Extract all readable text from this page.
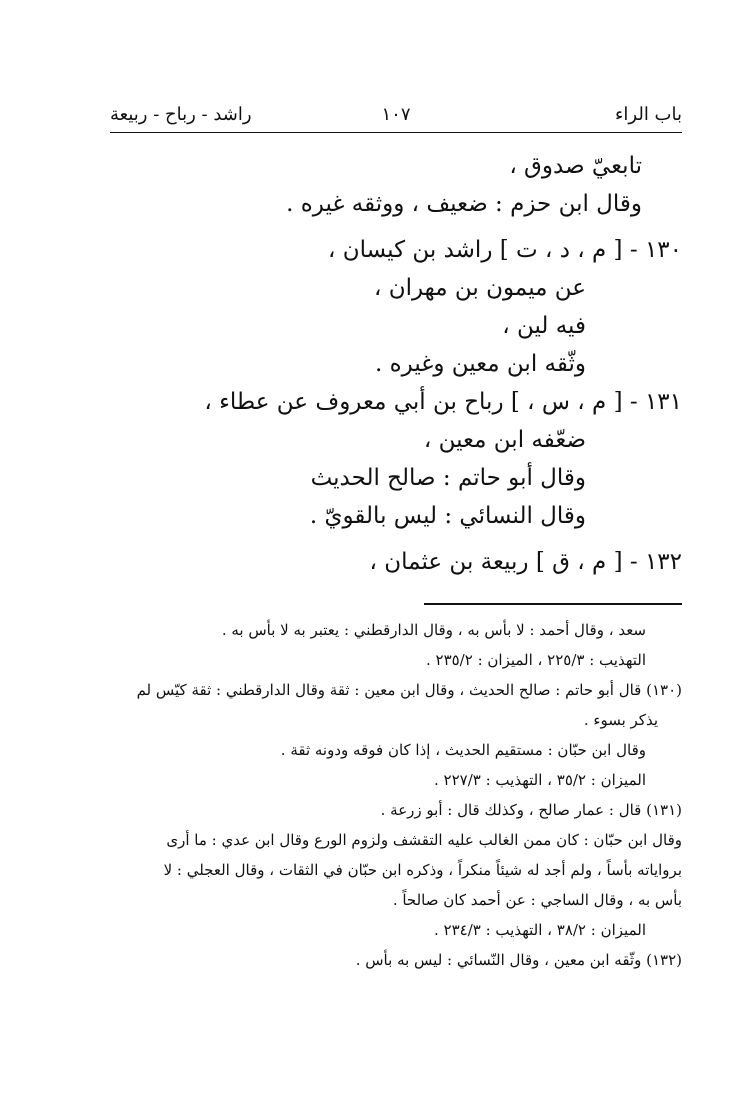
باب الراء
١٠٧
راشد - رباح - ربيعة
تابعيّ صدوق ،
وقال ابن حزم : ضعيف ، ووثقه غيره .
١٣٠ - [ م ، د ، ت ] راشد بن كيسان ،
عن ميمون بن مهران ،
فيه لين ،
وثّقه ابن معين وغيره .
١٣١ - [ م ، س ، ] رباح بن أبي معروف عن عطاء ،
ضعّفه ابن معين ،
وقال أبو حاتم : صالح الحديث
وقال النسائي : ليس بالقويّ .
١٣٢ - [ م ، ق ] ربيعة بن عثمان ،
سعد ، وقال أحمد : لا بأس به ، وقال الدارقطني : يعتبر به لا بأس به .
التهذيب : ٢٢٥/٣ ، الميزان : ٢٣٥/٢ .
(١٣٠) قال أبو حاتم : صالح الحديث ، وقال ابن معين : ثقة وقال الدارقطني : ثقة كيّس لم
يذكر بسوء .
وقال ابن حبّان : مستقيم الحديث ، إذا كان فوقه ودونه ثقة .
الميزان : ٣٥/٢ ، التهذيب : ٢٢٧/٣ .
(١٣١) قال : عمار صالح ، وكذلك قال : أبو زرعة .
وقال ابن حبّان : كان ممن الغالب عليه التقشف ولزوم الورع وقال ابن عدي : ما أرى
برواياته بأساً ، ولم أجد له شيئاً منكراً ، وذكره ابن حبّان في الثقات ، وقال العجلي : لا
بأس به ، وقال الساجي : عن أحمد كان صالحاً .
الميزان : ٣٨/٢ ، التهذيب : ٢٣٤/٣ .
(١٣٢) وثّقه ابن معين ، وقال النّسائي : ليس به بأس .
